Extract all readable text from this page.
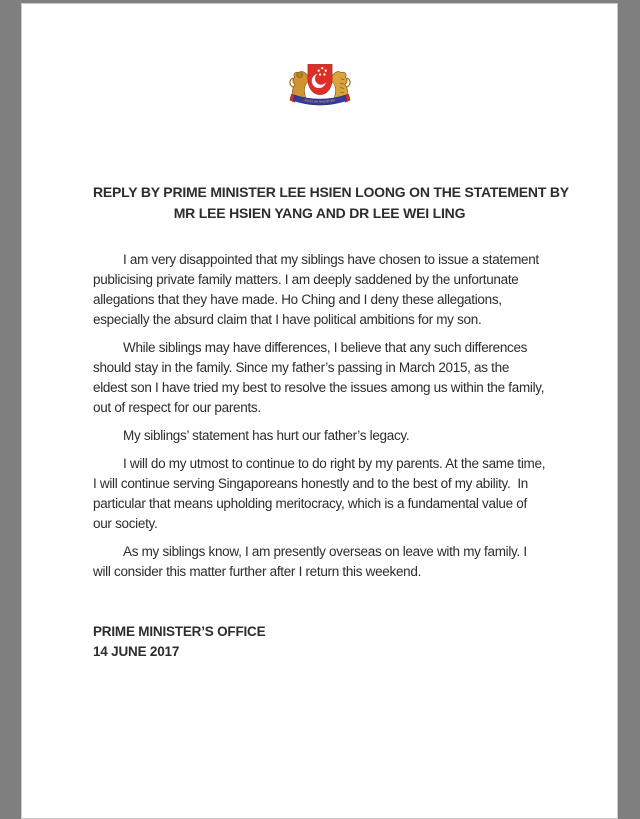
MAJULAH SINGAPURA
REPLY BY PRIME MINISTER LEE HSIEN LOONG ON THE STATEMENT BY
MR LEE HSIEN YANG AND DR LEE WEI LING

I am very disappointed that my siblings have chosen to issue a statement publicising private family matters. I am deeply saddened by the unfortunate allegations that they have made. Ho Ching and I deny these allegations, especially the absurd claim that I have political ambitions for my son.

While siblings may have differences, I believe that any such differences should stay in the family. Since my father’s passing in March 2015, as the eldest son I have tried my best to resolve the issues among us within the family, out of respect for our parents.

My siblings’ statement has hurt our father’s legacy.

I will do my utmost to continue to do right by my parents. At the same time, I will continue serving Singaporeans honestly and to the best of my ability.  In particular that means upholding meritocracy, which is a fundamental value of our society.

As my siblings know, I am presently overseas on leave with my family. I will consider this matter further after I return this weekend.

PRIME MINISTER’S OFFICE
14 JUNE 2017
